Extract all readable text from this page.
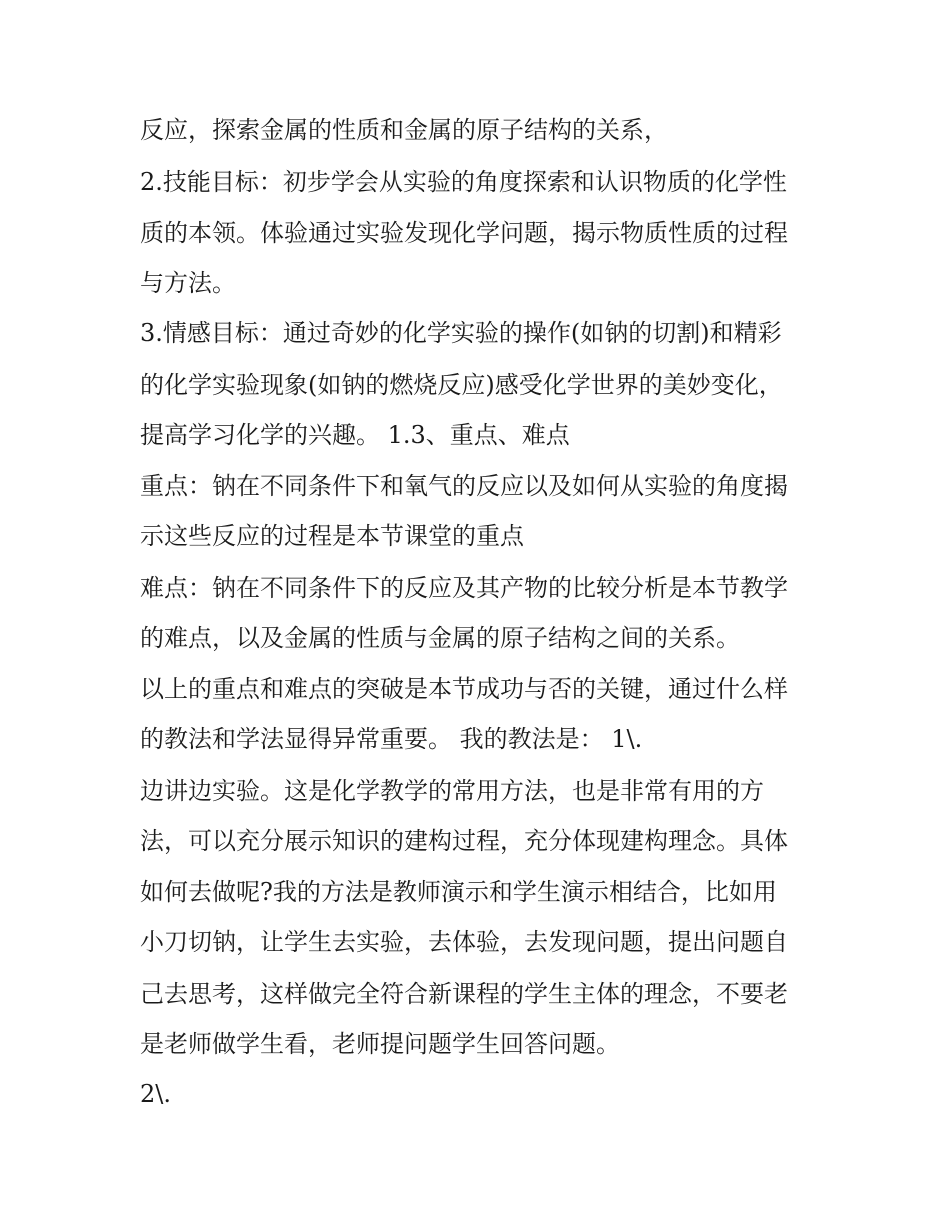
反应，探索金属的性质和金属的原子结构的关系，

2.技能目标：初步学会从实验的角度探索和认识物质的化学性

质的本领。体验通过实验发现化学问题，揭示物质性质的过程

与方法。

3.情感目标：通过奇妙的化学实验的操作(如钠的切割)和精彩

的化学实验现象(如钠的燃烧反应)感受化学世界的美妙变化，

提高学习化学的兴趣。 1.3、重点、难点

重点：钠在不同条件下和氧气的反应以及如何从实验的角度揭

示这些反应的过程是本节课堂的重点

难点：钠在不同条件下的反应及其产物的比较分析是本节教学

的难点，以及金属的性质与金属的原子结构之间的关系。

以上的重点和难点的突破是本节成功与否的关键，通过什么样

的教法和学法显得异常重要。 我的教法是： 1\.

边讲边实验。这是化学教学的常用方法，也是非常有用的方

法，可以充分展示知识的建构过程，充分体现建构理念。具体

如何去做呢?我的方法是教师演示和学生演示相结合，比如用

小刀切钠，让学生去实验，去体验，去发现问题，提出问题自

己去思考，这样做完全符合新课程的学生主体的理念，不要老

是老师做学生看，老师提问题学生回答问题。

2\.
